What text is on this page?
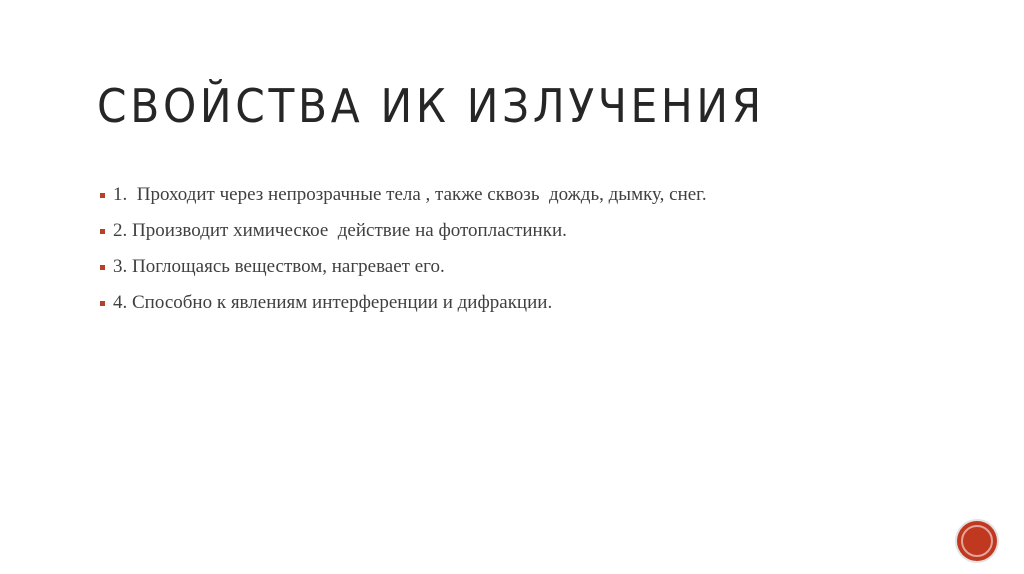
СВОЙСТВА ИК ИЗЛУЧЕНИЯ
1.  Проходит через непрозрачные тела , также сквозь  дождь, дымку, снег.
2. Производит химическое  действие на фотопластинки.
3. Поглощаясь веществом, нагревает его.
4. Способно к явлениям интерференции и дифракции.
